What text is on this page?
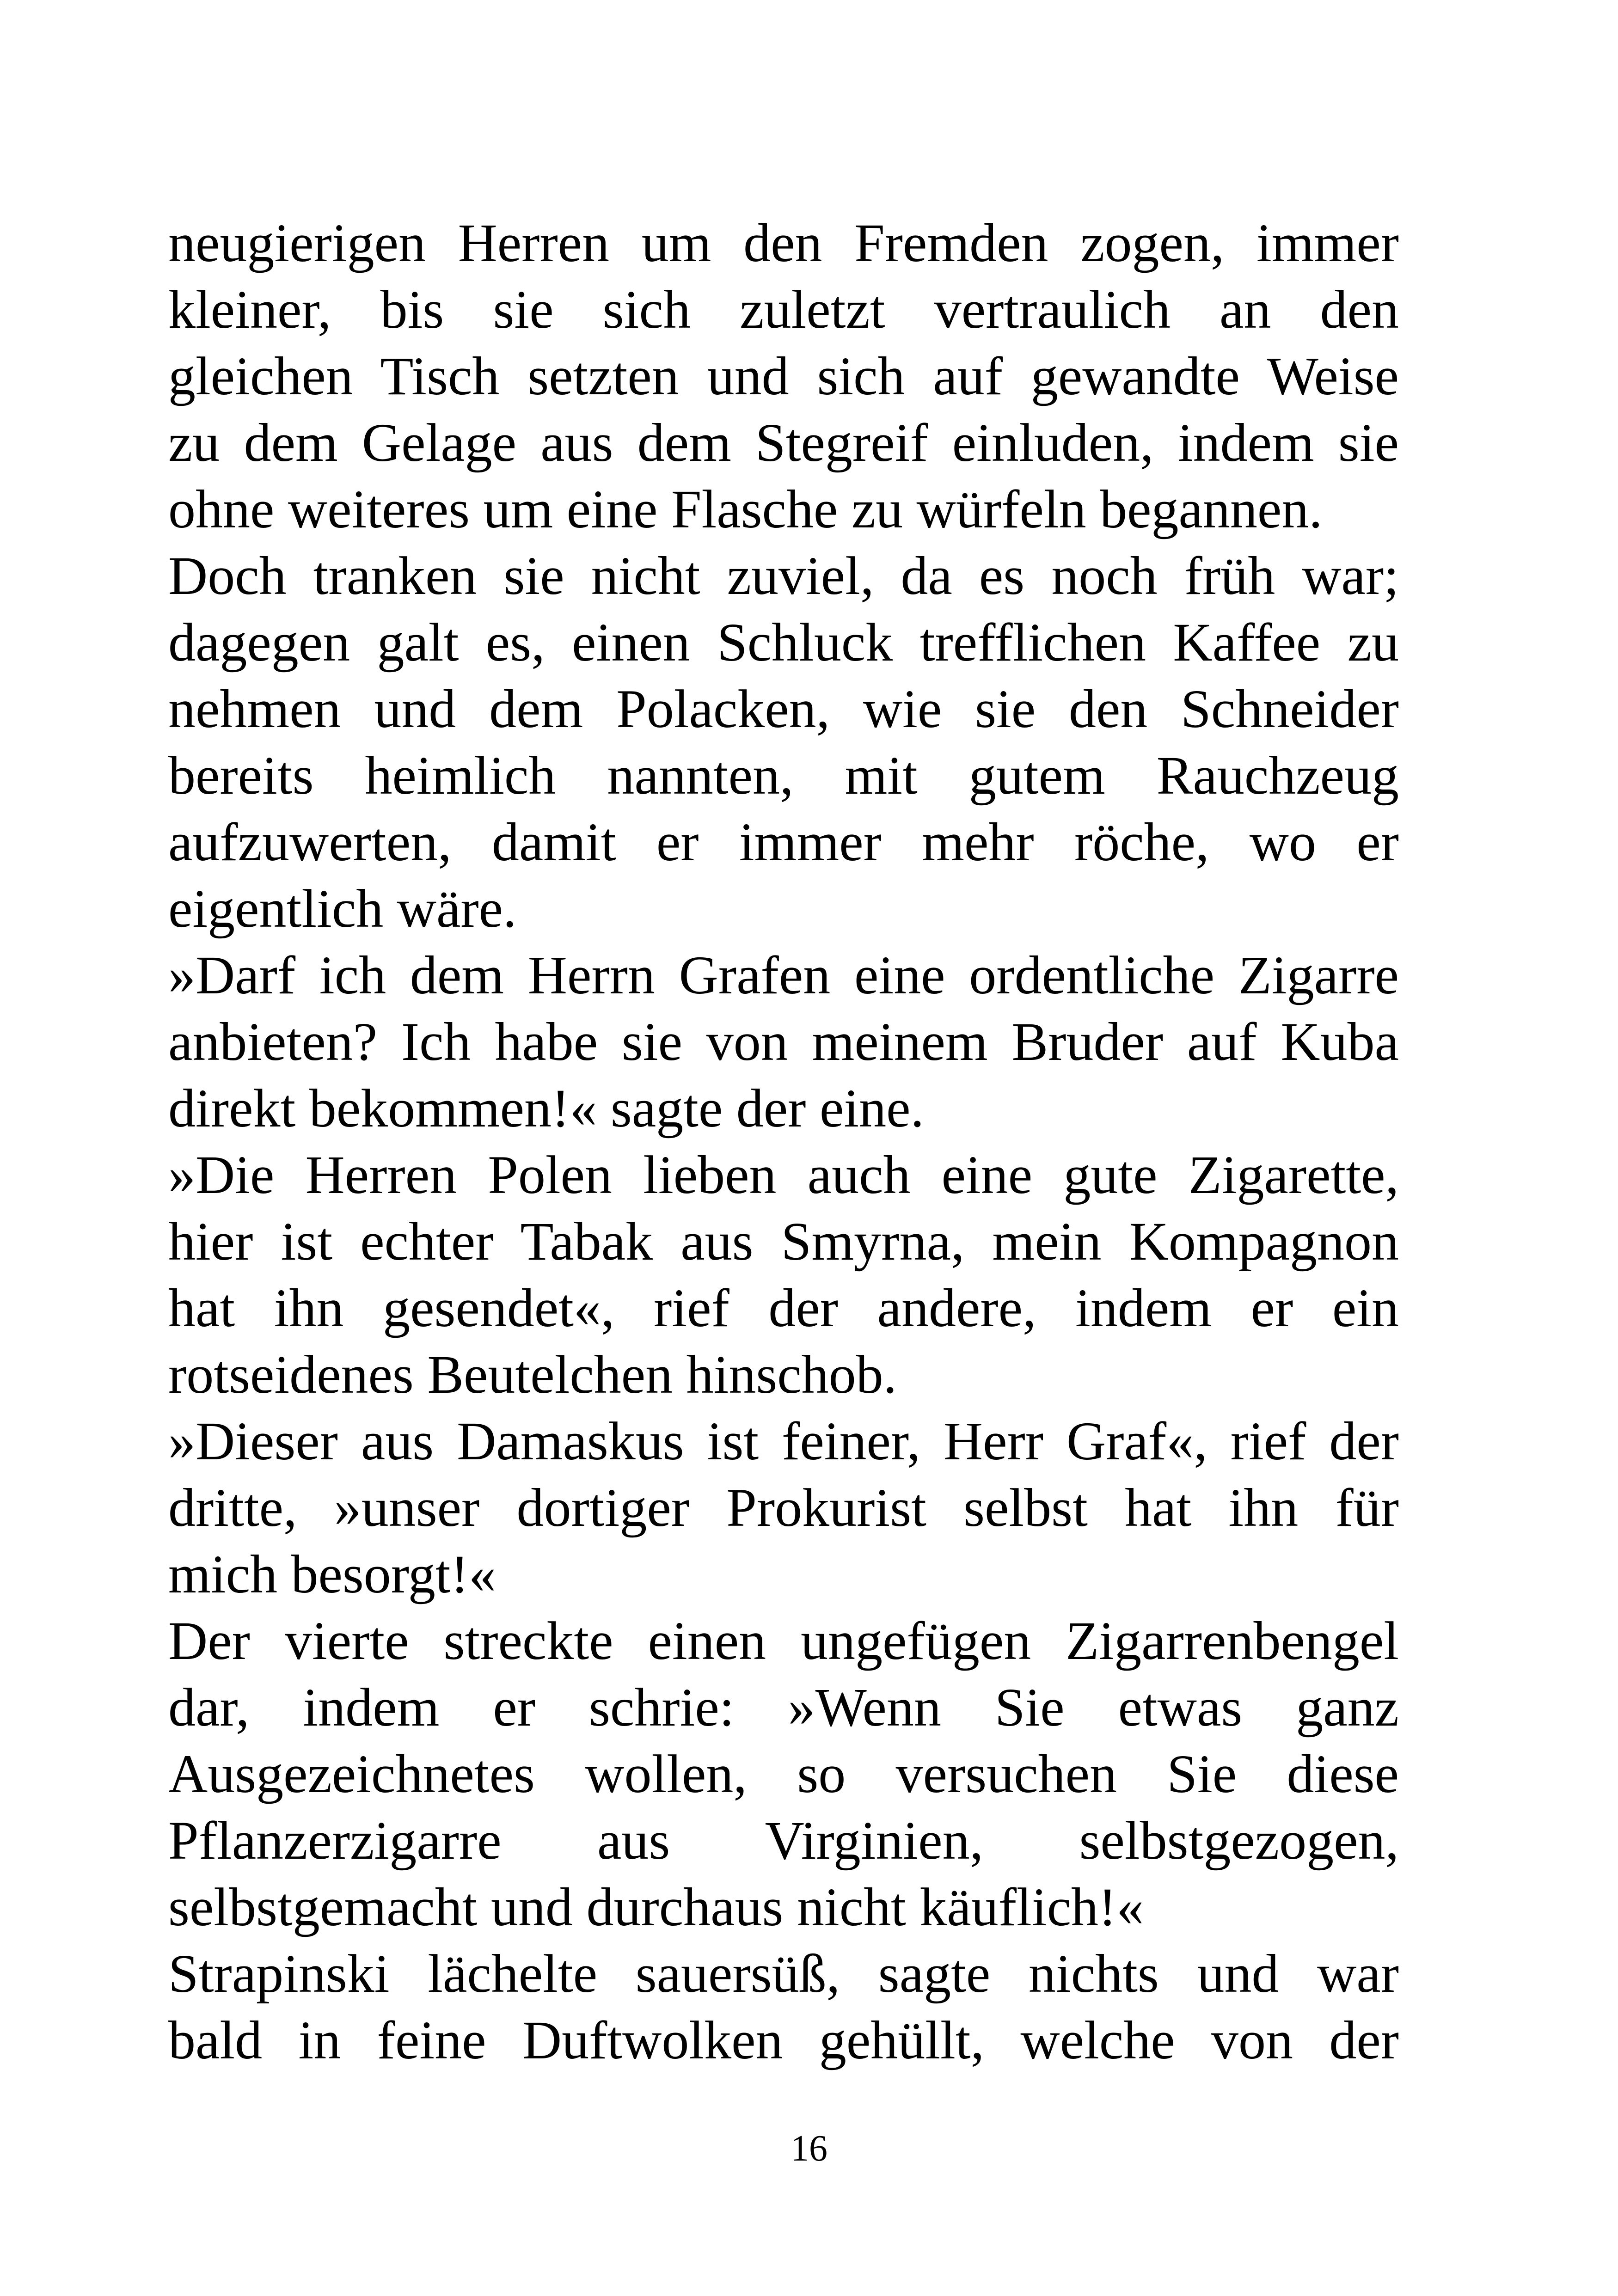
neugierigen Herren um den Fremden zogen, immer
kleiner, bis sie sich zuletzt vertraulich an den
gleichen Tisch setzten und sich auf gewandte Weise
zu dem Gelage aus dem Stegreif einluden, indem sie
ohne weiteres um eine Flasche zu würfeln begannen.
Doch tranken sie nicht zuviel, da es noch früh war;
dagegen galt es, einen Schluck trefflichen Kaffee zu
nehmen und dem Polacken, wie sie den Schneider
bereits heimlich nannten, mit gutem Rauchzeug
aufzuwerten, damit er immer mehr röche, wo er
eigentlich wäre.
»Darf ich dem Herrn Grafen eine ordentliche Zigarre
anbieten? Ich habe sie von meinem Bruder auf Kuba
direkt bekommen!« sagte der eine.
»Die Herren Polen lieben auch eine gute Zigarette,
hier ist echter Tabak aus Smyrna, mein Kompagnon
hat ihn gesendet«, rief der andere, indem er ein
rotseidenes Beutelchen hinschob.
»Dieser aus Damaskus ist feiner, Herr Graf«, rief der
dritte, »unser dortiger Prokurist selbst hat ihn für
mich besorgt!«
Der vierte streckte einen ungefügen Zigarrenbengel
dar, indem er schrie: »Wenn Sie etwas ganz
Ausgezeichnetes wollen, so versuchen Sie diese
Pflanzerzigarre aus Virginien, selbstgezogen,
selbstgemacht und durchaus nicht käuflich!«
Strapinski lächelte sauersüß, sagte nichts und war
bald in feine Duftwolken gehüllt, welche von der
16
